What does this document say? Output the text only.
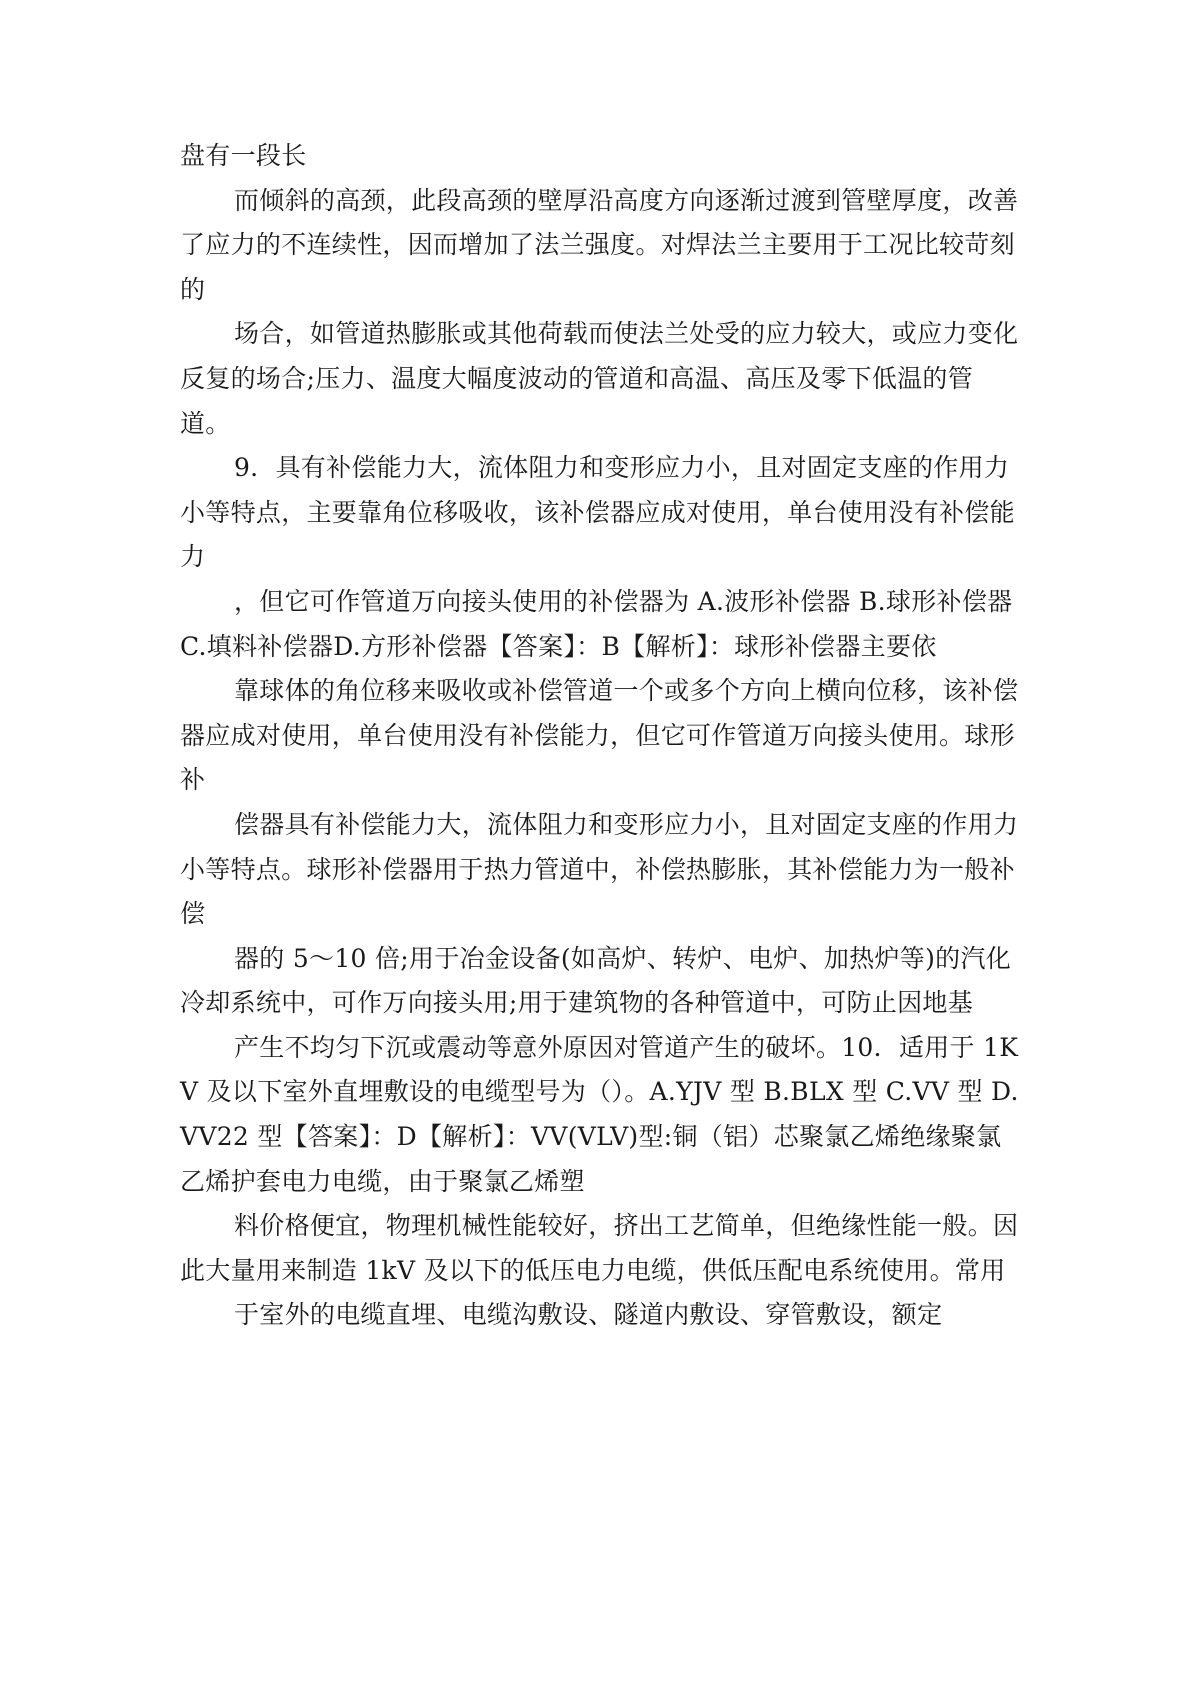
盘有一段长

而倾斜的高颈，此段高颈的壁厚沿高度方向逐渐过渡到管壁厚度，改善了应力的不连续性，因而增加了法兰强度。对焊法兰主要用于工况比较苛刻的

场合，如管道热膨胀或其他荷载而使法兰处受的应力较大，或应力变化反复的场合;压力、温度大幅度波动的管道和高温、高压及零下低温的管道。

9．具有补偿能力大，流体阻力和变形应力小，且对固定支座的作用力小等特点，主要靠角位移吸收，该补偿器应成对使用，单台使用没有补偿能力

，但它可作管道万向接头使用的补偿器为 A.波形补偿器 B.球形补偿器C.填料补偿器D.方形补偿器【答案】：B【解析】：球形补偿器主要依

靠球体的角位移来吸收或补偿管道一个或多个方向上横向位移，该补偿器应成对使用，单台使用没有补偿能力，但它可作管道万向接头使用。球形补

偿器具有补偿能力大，流体阻力和变形应力小，且对固定支座的作用力小等特点。球形补偿器用于热力管道中，补偿热膨胀，其补偿能力为一般补偿

器的 5～10 倍;用于冶金设备(如高炉、转炉、电炉、加热炉等)的汽化冷却系统中，可作万向接头用;用于建筑物的各种管道中，可防止因地基

产生不均匀下沉或震动等意外原因对管道产生的破坏。10．适用于 1KV 及以下室外直埋敷设的电缆型号为（）。A.YJV 型 B.BLX 型 C.VV 型 D.VV22 型【答案】：D【解析】：VV(VLV)型:铜（铝）芯聚氯乙烯绝缘聚氯乙烯护套电力电缆，由于聚氯乙烯塑

料价格便宜，物理机械性能较好，挤出工艺简单，但绝缘性能一般。因此大量用来制造 1kV 及以下的低压电力电缆，供低压配电系统使用。常用

于室外的电缆直埋、电缆沟敷设、隧道内敷设、穿管敷设，额定
